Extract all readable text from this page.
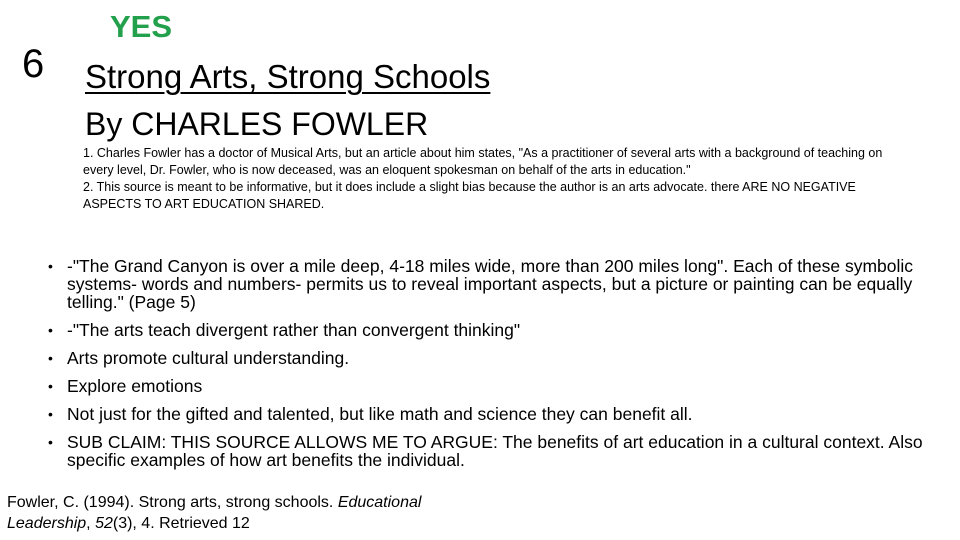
6
YES
Strong Arts, Strong Schools
By CHARLES FOWLER

1. Charles Fowler has a doctor of Musical Arts, but an article about him states, "As a practitioner of several arts with a background of teaching on every level, Dr. Fowler, who is now deceased, was an eloquent spokesman on behalf of the arts in education."

2. This source is meant to be informative, but it does include a slight bias because the author is an arts advocate. there ARE NO NEGATIVE ASPECTS TO ART EDUCATION SHARED.

• -"The Grand Canyon is over a mile deep, 4-18 miles wide, more than 200 miles long". Each of these symbolic systems- words and numbers- permits us to reveal important aspects, but a picture or painting can be equally telling." (Page 5)
• -"The arts teach divergent rather than convergent thinking"
• Arts promote cultural understanding.
• Explore emotions
• Not just for the gifted and talented, but like math and science they can benefit all.
• SUB CLAIM: THIS SOURCE ALLOWS ME TO ARGUE: The benefits of art education in a cultural context. Also specific examples of how art benefits the individual.
Fowler, C. (1994). Strong arts, strong schools. Educational Leadership, 52(3), 4. Retrieved 12
